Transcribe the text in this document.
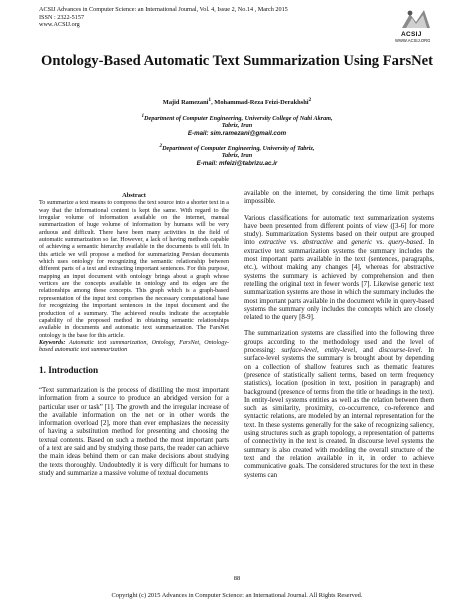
ACSIJ Advances in Computer Science: an International Journal, Vol. 4, Issue 2, No.14 , March 2015
ISSN : 2322-5157
www.ACSIJ.org
ACSIJ
WWW.ACSIJ.ORG
Ontology-Based Automatic Text Summarization Using FarsNet
Majid Ramezani$^1$, Mohammad-Reza Feizi-Derakhshi$^2$
$^1$Department of Computer Engineering, University College of Nabi Akram,
Tabriz, Iran
E-mail: sim.ramezani@gmail.com
$^2$Department of Computer Engineering, University of Tabriz,
Tabriz, Iran
E-mail: mfeizi@tabrizu.ac.ir
Abstract

To summarize a text means to compress the text source into a shorter text in a way that the informational content is kept the same. With regard to the irregular volume of information available on the internet, manual summarization of huge volume of information by humans will be very arduous and difficult. There have been many activities in the field of automatic summarization so far. However, a lack of having methods capable of achieving a semantic hierarchy available in the documents is still felt. In this article we will propose a method for summarizing Persian documents which uses ontology for recognizing the semantic relationship between different parts of a text and extracting important sentences. For this purpose, mapping an input document with ontology brings about a graph whose vertices are the concepts available in ontology and its edges are the relationships among these concepts. This graph which is a graph-based representation of the input text comprises the necessary computational base for recognizing the important sentences in the input document and the production of a summary. The achieved results indicate the acceptable capability of the proposed method in obtaining semantic relationships available in documents and automatic text summarization. The FarsNet ontology is the base for this article.

Keywords: Automatic text summarization, Ontology, FarsNet, Ontology-based automatic text summarization

1. Introduction

“Text summarization is the process of distilling the most important information from a source to produce an abridged version for a particular user or task” [1]. The growth and the irregular increase of the available information on the net or in other words the information overload [2], more than ever emphasizes the necessity of having a substitution method for presenting and choosing the textual contents. Based on such a method the most important parts of a text are said and by studying those parts, the reader can achieve the main ideas behind them or can make decisions about studying the texts thoroughly. Undoubtedly it is very difficult for humans to study and summarize a massive volume of textual documents

available on the internet, by considering the time limit perhaps impossible.

Various classifications for automatic text summarization systems have been presented from different points of view ([3-6] for more study). Summarization Systems based on their output are grouped into extractive vs. abstractive and generic vs. query-based. In extractive text summarization systems the summary includes the most important parts available in the text (sentences, paragraphs, etc.), without making any changes [4], whereas for abstractive systems the summary is achieved by comprehension and then retelling the original text in fewer words [7]. Likewise generic text summarization systems are those in which the summary includes the most important parts available in the document while in query-based systems the summary only includes the concepts which are closely related to the query [8-9].

The summarization systems are classified into the following three groups according to the methodology used and the level of processing: surface-level, entity-level, and discourse-level. In surface-level systems the summary is brought about by depending on a collection of shallow features such as thematic features (presence of statistically salient terms, based on term frequency statistics), location (position in text, position in paragraph) and background (presence of terms from the title or headings in the text). In entity-level systems entities as well as the relation between them such as similarity, proximity, co-occurrence, co-reference and syntactic relations, are modeled by an internal representation for the text. In these systems generally for the sake of recognizing saliency, using structures such as graph topology, a representation of patterns of connectivity in the text is created. In discourse level systems the summary is also created with modeling the overall structure of the text and the relation available in it, in order to achieve communicative goals. The considered structures for the text in these systems can

88
Copyright (c) 2015 Advances in Computer Science: an International Journal. All Rights Reserved.
